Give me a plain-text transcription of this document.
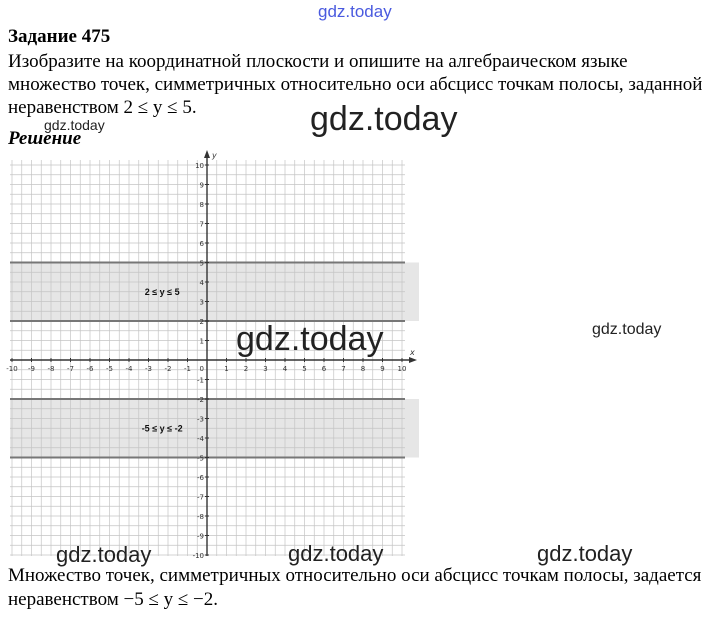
gdz.today
Задание 475
Изобразите на координатной плоскости и опишите на алгебраическом языке множество точек, симметричных относительно оси абсцисс точкам полосы, заданной неравенством 2 ≤ y ≤ 5.
gdz.today	gdz.today
Решение
x
y
-10 -9 -8 -7 -6 -5 -4 -3 -2 -1	1 2 3 4 5 6 7 8 9 10
10
9
8
7
6
5
4
3
2
1
-1
-2
-3
-4
-5
-6
-7
-8
-9
-10
0
2 ≤ y ≤ 5
-5 ≤ y ≤ -2
gdz.today	gdz.today
gdz.today	gdz.today	gdz.today
Множество точек, симметричных относительно оси абсцисс точкам полосы, задается неравенством −5 ≤ y ≤ −2.
